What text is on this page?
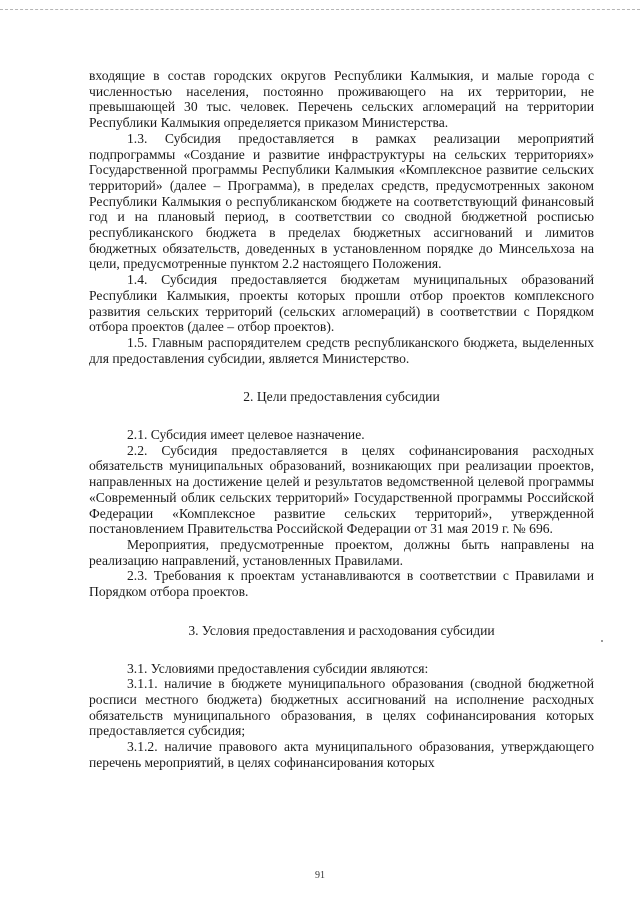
входящие в состав городских округов Республики Калмыкия, и малые города с численностью населения, постоянно проживающего на их территории, не превышающей 30 тыс. человек. Перечень сельских агломераций на территории Республики Калмыкия определяется приказом Министерства.

1.3. Субсидия предоставляется в рамках реализации мероприятий подпрограммы «Создание и развитие инфраструктуры на сельских территориях» Государственной программы Республики Калмыкия «Комплексное развитие сельских территорий» (далее – Программа), в пределах средств, предусмотренных законом Республики Калмыкия о республиканском бюджете на соответствующий финансовый год и на плановый период, в соответствии со сводной бюджетной росписью республиканского бюджета в пределах бюджетных ассигнований и лимитов бюджетных обязательств, доведенных в установленном порядке до Минсельхоза на цели, предусмотренные пунктом 2.2 настоящего Положения.

1.4. Субсидия предоставляется бюджетам муниципальных образований Республики Калмыкия, проекты которых прошли отбор проектов комплексного развития сельских территорий (сельских агломераций) в соответствии с Порядком отбора проектов (далее – отбор проектов).

1.5. Главным распорядителем средств республиканского бюджета, выделенных для предоставления субсидии, является Министерство.

2. Цели предоставления субсидии

2.1. Субсидия имеет целевое назначение.

2.2. Субсидия предоставляется в целях софинансирования расходных обязательств муниципальных образований, возникающих при реализации проектов, направленных на достижение целей и результатов ведомственной целевой программы «Современный облик сельских территорий» Государственной программы Российской Федерации «Комплексное развитие сельских территорий», утвержденной постановлением Правительства Российской Федерации от 31 мая 2019 г. № 696.

Мероприятия, предусмотренные проектом, должны быть направлены на реализацию направлений, установленных Правилами.

2.3. Требования к проектам устанавливаются в соответствии с Правилами и Порядком отбора проектов.

3. Условия предоставления и расходования субсидии

3.1. Условиями предоставления субсидии являются:

3.1.1. наличие в бюджете муниципального образования (сводной бюджетной росписи местного бюджета) бюджетных ассигнований на исполнение расходных обязательств муниципального образования, в целях софинансирования которых предоставляется субсидия;

3.1.2. наличие правового акта муниципального образования, утверждающего перечень мероприятий, в целях софинансирования которых

91
